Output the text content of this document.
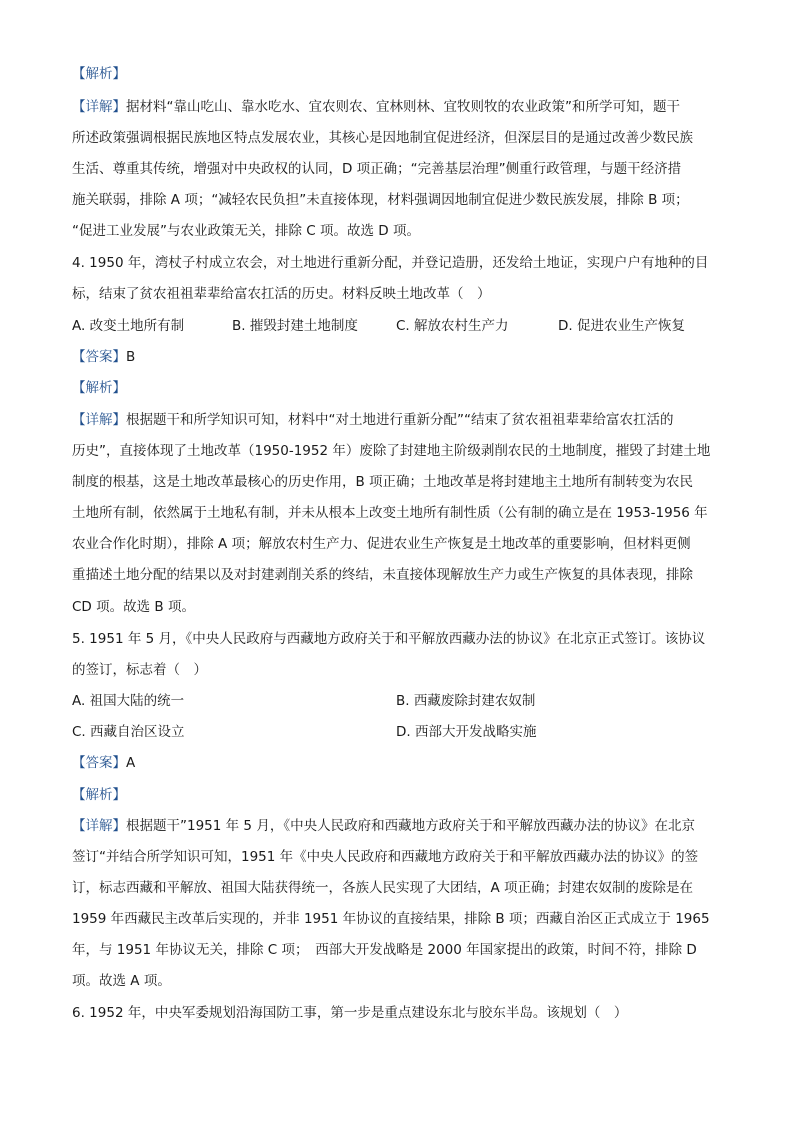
【解析】
【详解】据材料“靠山吃山、靠水吃水、宜农则农、宜林则林、宜牧则牧的农业政策”和所学可知，题干
所述政策强调根据民族地区特点发展农业，其核心是因地制宜促进经济，但深层目的是通过改善少数民族
生活、尊重其传统，增强对中央政权的认同，D 项正确；“完善基层治理”侧重行政管理，与题干经济措
施关联弱，排除 A 项；“减轻农民负担”未直接体现，材料强调因地制宜促进少数民族发展，排除 B 项；
“促进工业发展”与农业政策无关，排除 C 项。故选 D 项。
4. 1950 年，湾杖子村成立农会，对土地进行重新分配，并登记造册，还发给土地证，实现户户有地种的目
标，结束了贫农祖祖辈辈给富农扛活的历史。材料反映土地改革（　）
A. 改变土地所有制	B. 摧毁封建土地制度	C. 解放农村生产力	D. 促进农业生产恢复
【答案】B
【解析】
【详解】根据题干和所学知识可知，材料中“对土地进行重新分配”“结束了贫农祖祖辈辈给富农扛活的
历史”，直接体现了土地改革（1950-1952 年）废除了封建地主阶级剥削农民的土地制度，摧毁了封建土地
制度的根基，这是土地改革最核心的历史作用，B 项正确；土地改革是将封建地主土地所有制转变为农民
土地所有制，依然属于土地私有制，并未从根本上改变土地所有制性质（公有制的确立是在 1953-1956 年
农业合作化时期），排除 A 项；解放农村生产力、促进农业生产恢复是土地改革的重要影响，但材料更侧
重描述土地分配的结果以及对封建剥削关系的终结，未直接体现解放生产力或生产恢复的具体表现，排除
CD 项。故选 B 项。
5. 1951 年 5 月，《中央人民政府与西藏地方政府关于和平解放西藏办法的协议》在北京正式签订。该协议
的签订，标志着（　）
A. 祖国大陆的统一	B. 西藏废除封建农奴制
C. 西藏自治区设立	D. 西部大开发战略实施
【答案】A
【解析】
【详解】根据题干”1951 年 5 月，《中央人民政府和西藏地方政府关于和平解放西藏办法的协议》在北京
签订“并结合所学知识可知，1951 年《中央人民政府和西藏地方政府关于和平解放西藏办法的协议》的签
订，标志西藏和平解放、祖国大陆获得统一，各族人民实现了大团结，A 项正确；封建农奴制的废除是在
1959 年西藏民主改革后实现的，并非 1951 年协议的直接结果，排除 B 项；西藏自治区正式成立于 1965
年，与 1951 年协议无关，排除 C 项；　西部大开发战略是 2000 年国家提出的政策，时间不符，排除 D
项。故选 A 项。
6. 1952 年，中央军委规划沿海国防工事，第一步是重点建设东北与胶东半岛。该规划（　）
